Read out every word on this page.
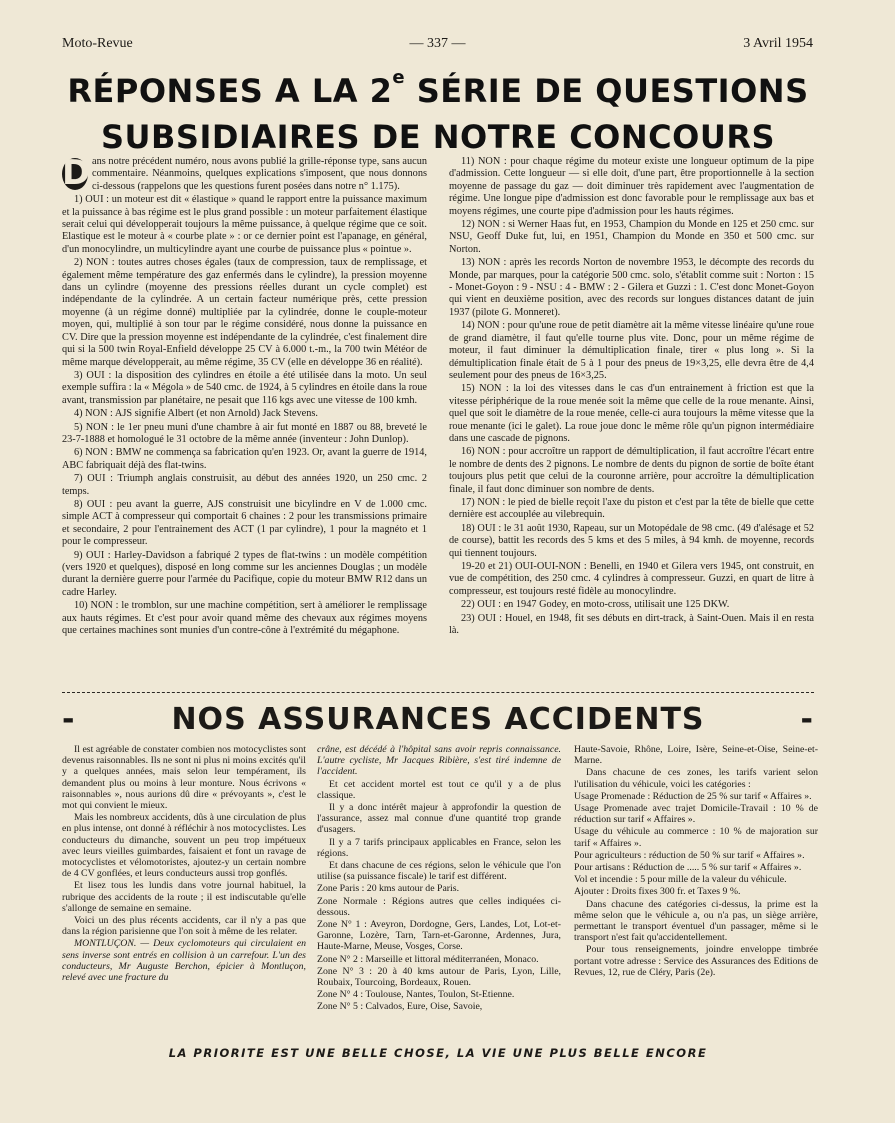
Moto-Revue	— 337 —	3 Avril 1954
RÉPONSES A LA 2e SÉRIE DE QUESTIONS
SUBSIDIAIRES DE NOTRE CONCOURS

D ans notre précédent numéro, nous avons publié la grille-réponse type, sans aucun commentaire. Néanmoins, quelques explications s'imposent, que nous donnons ci-dessous (rappelons que les questions furent posées dans notre n° 1.175).

1) OUI : un moteur est dit « élastique » quand le rapport entre la puissance maximum et la puissance à bas régime est le plus grand possible : un moteur parfaitement élastique serait celui qui développerait toujours la même puissance, à quelque régime que ce soit. Elastique est le moteur à « courbe plate » : or ce dernier point est l'apanage, en général, d'un monocylindre, un multicylindre ayant une courbe de puissance plus « pointue ».

2) NON : toutes autres choses égales (taux de compression, taux de remplissage, et également même température des gaz enfermés dans le cylindre), la pression moyenne dans un cylindre (moyenne des pressions réelles durant un cycle complet) est indépendante de la cylindrée. A un certain facteur numérique près, cette pression moyenne (à un régime donné) multipliée par la cylindrée, donne le couple-moteur moyen, qui, multiplié à son tour par le régime considéré, nous donne la puissance en CV. Dire que la pression moyenne est indépendante de la cylindrée, c'est finalement dire qui si la 500 twin Royal-Enfield développe 25 CV à 6.000 t.-m., la 700 twin Météor de même marque développerait, au même régime, 35 CV (elle en développe 36 en réalité).

3) OUI : la disposition des cylindres en étoile a été utilisée dans la moto. Un seul exemple suffira : la « Mégola » de 540 cmc. de 1924, à 5 cylindres en étoile dans la roue avant, transmission par planétaire, ne pesait que 116 kgs avec une vitesse de 100 kmh.

4) NON : AJS signifie Albert (et non Arnold) Jack Stevens.

5) NON : le 1er pneu muni d'une chambre à air fut monté en 1887 ou 88, breveté le 23-7-1888 et homologué le 31 octobre de la même année (inventeur : John Dunlop).

6) NON : BMW ne commença sa fabrication qu'en 1923. Or, avant la guerre de 1914, ABC fabriquait déjà des flat-twins.

7) OUI : Triumph anglais construisit, au début des années 1920, un 250 cmc. 2 temps.

8) OUI : peu avant la guerre, AJS construisit une bicylindre en V de 1.000 cmc. simple ACT à compresseur qui comportait 6 chaines : 2 pour les transmissions primaire et secondaire, 2 pour l'entrainement des ACT (1 par cylindre), 1 pour la magnéto et 1 pour le compresseur.

9) OUI : Harley-Davidson a fabriqué 2 types de flat-twins : un modèle compétition (vers 1920 et quelques), disposé en long comme sur les anciennes Douglas ; un modèle durant la dernière guerre pour l'armée du Pacifique, copie du moteur BMW R12 dans un cadre Harley.

10) NON : le tromblon, sur une machine compétition, sert à améliorer le remplissage aux hauts régimes. Et c'est pour avoir quand même des chevaux aux régimes moyens que certaines machines sont munies d'un contre-cône à l'extrémité du mégaphone.

11) NON : pour chaque régime du moteur existe une longueur optimum de la pipe d'admission. Cette longueur — si elle doit, d'une part, être proportionnelle à la section moyenne de passage du gaz — doit diminuer très rapidement avec l'augmentation de régime. Une longue pipe d'admission est donc favorable pour le remplissage aux bas et moyens régimes, une courte pipe d'admission pour les hauts régimes.

12) NON : si Werner Haas fut, en 1953, Champion du Monde en 125 et 250 cmc. sur NSU, Geoff Duke fut, lui, en 1951, Champion du Monde en 350 et 500 cmc. sur Norton.

13) NON : après les records Norton de novembre 1953, le décompte des records du Monde, par marques, pour la catégorie 500 cmc. solo, s'établit comme suit : Norton : 15 - Monet-Goyon : 9 - NSU : 4 - BMW : 2 - Gilera et Guzzi : 1. C'est donc Monet-Goyon qui vient en deuxième position, avec des records sur longues distances datant de juin 1937 (pilote G. Monneret).

14) NON : pour qu'une roue de petit diamètre ait la même vitesse linéaire qu'une roue de grand diamètre, il faut qu'elle tourne plus vite. Donc, pour un même régime de moteur, il faut diminuer la démultiplication finale, tirer « plus long ». Si la démultiplication finale était de 5 à 1 pour des pneus de 19×3,25, elle devra être de 4,4 seulement pour des pneus de 16×3,25.

15) NON : la loi des vitesses dans le cas d'un entrainement à friction est que la vitesse périphérique de la roue menée soit la même que celle de la roue menante. Ainsi, quel que soit le diamètre de la roue menée, celle-ci aura toujours la même vitesse que la roue menante (ici le galet). La roue joue donc le même rôle qu'un pignon intermédiaire dans une cascade de pignons.

16) NON : pour accroître un rapport de démultiplication, il faut accroître l'écart entre le nombre de dents des 2 pignons. Le nombre de dents du pignon de sortie de boîte étant toujours plus petit que celui de la couronne arrière, pour accroître la démultiplication finale, il faut donc diminuer son nombre de dents.

17) NON : le pied de bielle reçoit l'axe du piston et c'est par la tête de bielle que cette dernière est accouplée au vilebrequin.

18) OUI : le 31 août 1930, Rapeau, sur un Motopédale de 98 cmc. (49 d'alésage et 52 de course), battit les records des 5 kms et des 5 miles, à 94 kmh. de moyenne, records qui tiennent toujours.

19-20 et 21) OUI-OUI-NON : Benelli, en 1940 et Gilera vers 1945, ont construit, en vue de compétition, des 250 cmc. 4 cylindres à compresseur. Guzzi, en quart de litre à compresseur, est toujours resté fidèle au monocylindre.

22) OUI : en 1947 Godey, en moto-cross, utilisait une 125 DKW.

23) OUI : Houel, en 1948, fit ses débuts en dirt-track, à Saint-Ouen. Mais il en resta là.

-	NOS ASSURANCES ACCIDENTS	-

Il est agréable de constater combien nos motocyclistes sont devenus raisonnables. Ils ne sont ni plus ni moins excités qu'il y a quelques années, mais selon leur tempérament, ils demandent plus ou moins à leur monture. Nous écrivons « raisonnables », nous aurions dû dire « prévoyants », c'est le mot qui convient le mieux.

Mais les nombreux accidents, dûs à une circulation de plus en plus intense, ont donné à réfléchir à nos motocyclistes. Les conducteurs du dimanche, souvent un peu trop impétueux avec leurs vieilles guimbardes, faisaient et font un ravage de motocyclistes et vélomotoristes, ajoutez-y un certain nombre de 4 CV gonflées, et leurs conducteurs aussi trop gonflés.

Et lisez tous les lundis dans votre journal habituel, la rubrique des accidents de la route ; il est indiscutable qu'elle s'allonge de semaine en semaine.

Voici un des plus récents accidents, car il n'y a pas que dans la région parisienne que l'on soit à même de les relater.

MONTLUÇON. — Deux cyclomoteurs qui circulaient en sens inverse sont entrés en collision à un carrefour. L'un des conducteurs, Mr Auguste Berchon, épicier à Montluçon, relevé avec une fracture du

crâne, est décédé à l'hôpital sans avoir repris connaissance. L'autre cycliste, Mr Jacques Ribière, s'est tiré indemne de l'accident.

Et cet accident mortel est tout ce qu'il y a de plus classique.

Il y a donc intérêt majeur à approfondir la question de l'assurance, assez mal connue d'une quantité trop grande d'usagers.

Il y a 7 tarifs principaux applicables en France, selon les régions.

Et dans chacune de ces régions, selon le véhicule que l'on utilise (sa puissance fiscale) le tarif est différent.

Zone Paris : 20 kms autour de Paris.

Zone Normale : Régions autres que celles indiquées ci-dessous.

Zone N° 1 : Aveyron, Dordogne, Gers, Landes, Lot, Lot-et-Garonne, Lozère, Tarn, Tarn-et-Garonne, Ardennes, Jura, Haute-Marne, Meuse, Vosges, Corse.

Zone N° 2 : Marseille et littoral méditerranéen, Monaco.

Zone N° 3 : 20 à 40 kms autour de Paris, Lyon, Lille, Roubaix, Tourcoing, Bordeaux, Rouen.

Zone N° 4 : Toulouse, Nantes, Toulon, St-Etienne.

Zone N° 5 : Calvados, Eure, Oise, Savoie,

Haute-Savoie, Rhône, Loire, Isère, Seine-et-Oise, Seine-et-Marne.

Dans chacune de ces zones, les tarifs varient selon l'utilisation du véhicule, voici les catégories :

Usage Promenade : Réduction de 25 % sur tarif « Affaires ».

Usage Promenade avec trajet Domicile-Travail : 10 % de réduction sur tarif « Affaires ».

Usage du véhicule au commerce : 10 % de majoration sur tarif « Affaires ».

Pour agriculteurs : réduction de 50 % sur tarif « Affaires ».

Pour artisans : Réduction de ..... 5 % sur tarif « Affaires ».

Vol et incendie : 5 pour mille de la valeur du véhicule.

Ajouter : Droits fixes 300 fr. et Taxes 9 %.

Dans chacune des catégories ci-dessus, la prime est la même selon que le véhicule a, ou n'a pas, un siège arrière, permettant le transport éventuel d'un passager, même si le transport n'est fait qu'accidentellement.

Pour tous renseignements, joindre enveloppe timbrée portant votre adresse : Service des Assurances des Editions de Revues, 12, rue de Cléry, Paris (2e).

LA PRIORITE EST UNE BELLE CHOSE, LA VIE UNE PLUS BELLE ENCORE
